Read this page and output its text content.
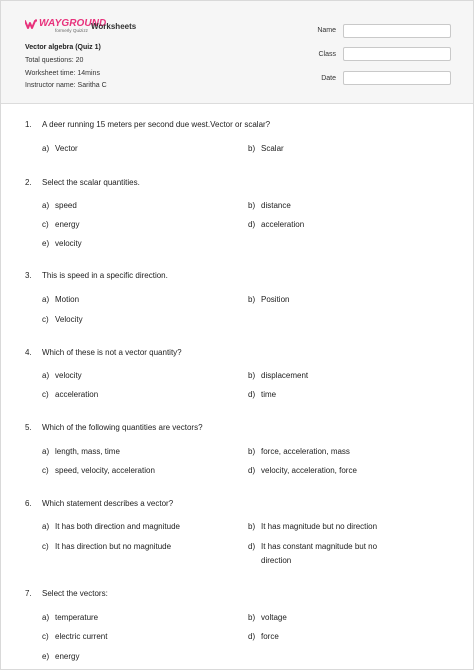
WAYGROUND
formerly Quizizz Worksheets
Vector algebra (Quiz 1)
Total questions: 20
Worksheet time: 14mins
Instructor name: Saritha C
Name
Class
Date
1. A deer running 15 meters per second due west.Vector or scalar?
a) Vector	b) Scalar
2. Select the scalar quantities.
a) speed	b) distance
c) energy	d) acceleration
e) velocity
3. This is speed in a specific direction.
a) Motion	b) Position
c) Velocity
4. Which of these is not a vector quantity?
a) velocity	b) displacement
c) acceleration	d) time
5. Which of the following quantities are vectors?
a) length, mass, time	b) force, acceleration, mass
c) speed, velocity, acceleration	d) velocity, acceleration, force
6. Which statement describes a vector?
a) It has both direction and magnitude	b) It has magnitude but no direction
c) It has direction but no magnitude	d) It has constant magnitude but no direction
7. Select the vectors:
a) temperature	b) voltage
c) electric current	d) force
e) energy
